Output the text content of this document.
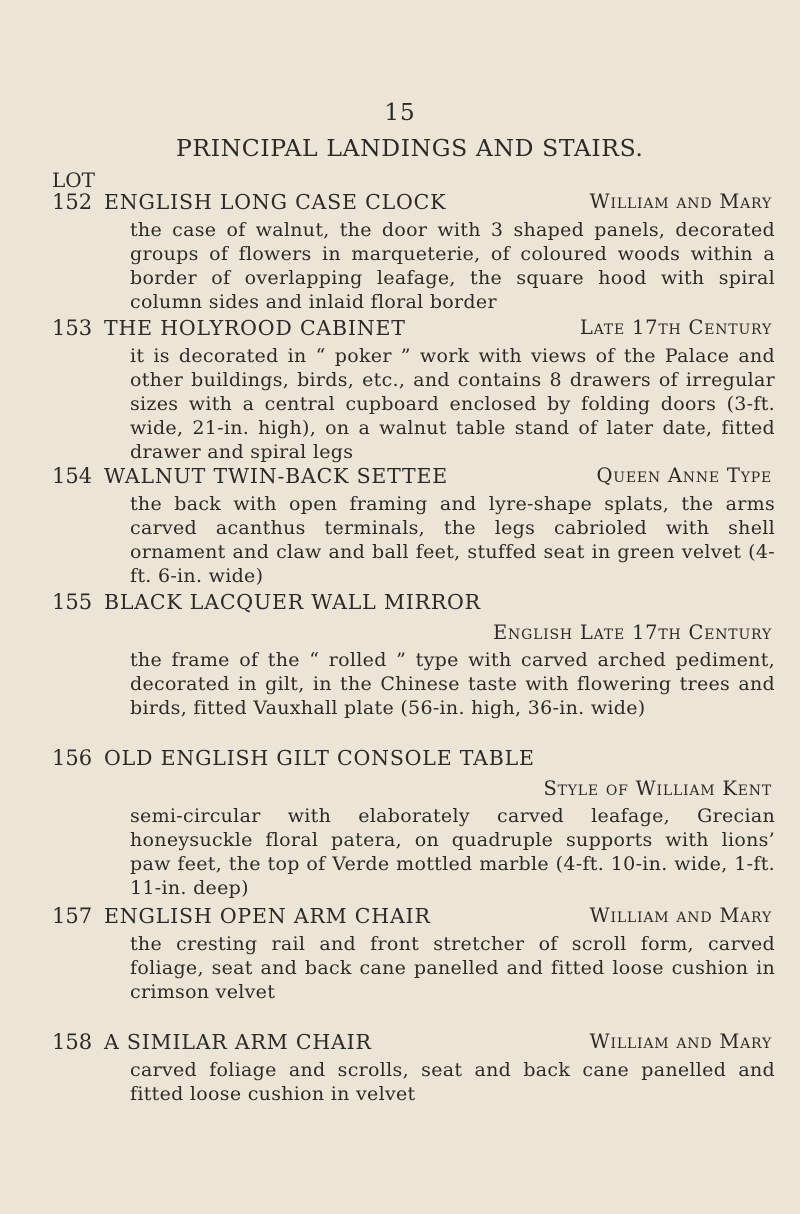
15
PRINCIPAL LANDINGS AND STAIRS.
LOT
152 ENGLISH LONG CASE CLOCK	William and Mary
the case of walnut, the door with 3 shaped panels, decorated groups of flowers in marqueterie, of coloured woods within a border of overlapping leafage, the square hood with spiral column sides and inlaid floral border
153 THE HOLYROOD CABINET	Late 17th Century
it is decorated in “ poker ” work with views of the Palace and other buildings, birds, etc., and contains 8 drawers of irregular sizes with a central cupboard enclosed by folding doors (3-ft. wide, 21-in. high), on a walnut table stand of later date, fitted drawer and spiral legs
154 WALNUT TWIN-BACK SETTEE	Queen Anne Type
the back with open framing and lyre-shape splats, the arms carved acanthus terminals, the legs cabrioled with shell ornament and claw and ball feet, stuffed seat in green velvet (4-ft. 6-in. wide)
155 BLACK LACQUER WALL MIRROR
English Late 17th Century
the frame of the “ rolled ” type with carved arched pediment, decorated in gilt, in the Chinese taste with flowering trees and birds, fitted Vauxhall plate (56-in. high, 36-in. wide)
156 OLD ENGLISH GILT CONSOLE TABLE
Style of William Kent
semi-circular with elaborately carved leafage, Grecian honeysuckle floral patera, on quadruple supports with lions’ paw feet, the top of Verde mottled marble (4-ft. 10-in. wide, 1-ft. 11-in. deep)
157 ENGLISH OPEN ARM CHAIR	William and Mary
the cresting rail and front stretcher of scroll form, carved foliage, seat and back cane panelled and fitted loose cushion in crimson velvet
158 A SIMILAR ARM CHAIR	William and Mary
carved foliage and scrolls, seat and back cane panelled and fitted loose cushion in velvet
